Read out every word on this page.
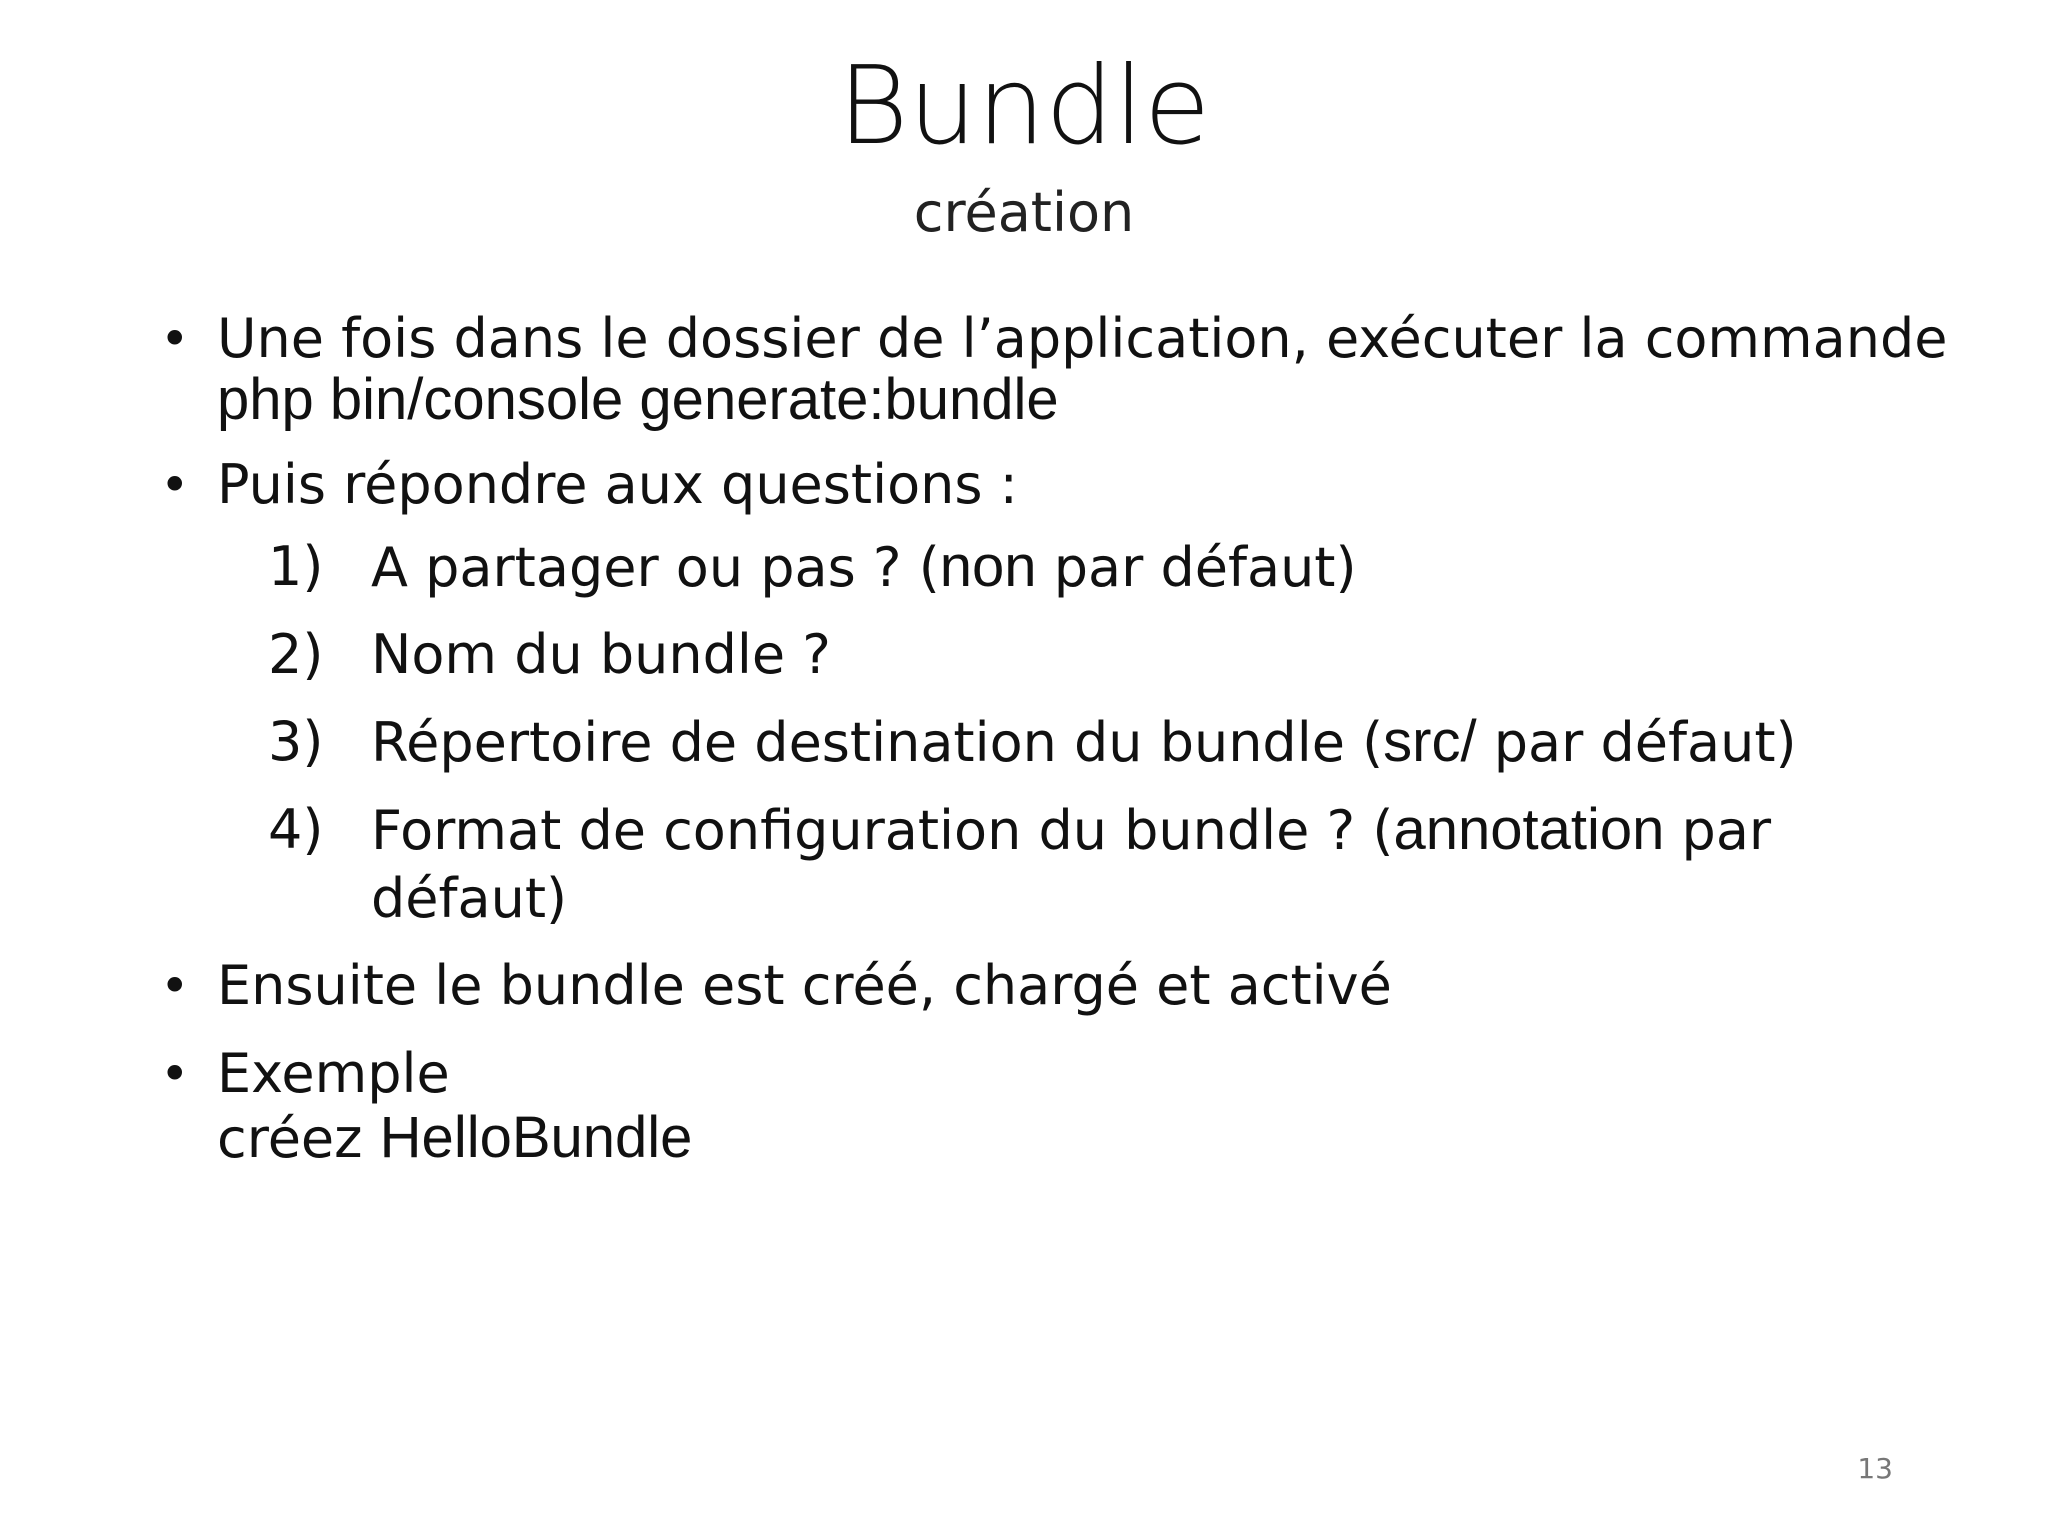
Bundle
création
• Une fois dans le dossier de l’application, exécuter la commande
php bin/console generate:bundle
• Puis répondre aux questions :
1) A partager ou pas ? (non par défaut)
2) Nom du bundle ?
3) Répertoire de destination du bundle (src/ par défaut)
4) Format de configuration du bundle ? (annotation par défaut)
• Ensuite le bundle est créé, chargé et activé
• Exemple
créez HelloBundle
13
